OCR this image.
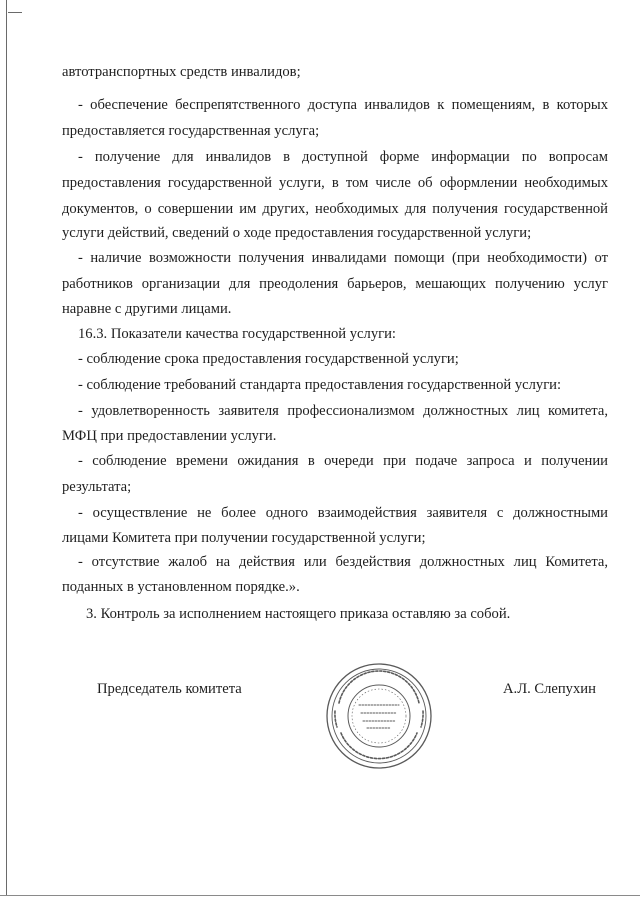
автотранспортных средств инвалидов;
- обеспечение беспрепятственного доступа инвалидов к помещениям, в которых
предоставляется государственная услуга;
- получение для инвалидов в доступной форме информации по вопросам
предоставления государственной услуги, в том числе об оформлении необходимых
документов, о совершении им других, необходимых для получения государственной
услуги действий, сведений о ходе предоставления государственной услуги;
- наличие возможности получения инвалидами помощи (при необходимости) от
работников организации для преодоления барьеров, мешающих получению услуг
наравне с другими лицами.
16.3. Показатели качества государственной услуги:
- соблюдение срока предоставления государственной услуги;
- соблюдение требований стандарта предоставления государственной услуги:
- удовлетворенность заявителя профессионализмом должностных лиц комитета,
МФЦ при предоставлении услуги.
- соблюдение времени ожидания в очереди при подаче запроса и получении
результата;
- осуществление не более одного взаимодействия заявителя с должностными
лицами Комитета при получении государственной услуги;
- отсутствие жалоб на действия или бездействия должностных лиц Комитета,
поданных в установленном порядке.».
3. Контроль за исполнением настоящего приказа оставляю за собой.
Председатель комитета	А.Л. Слепухин
